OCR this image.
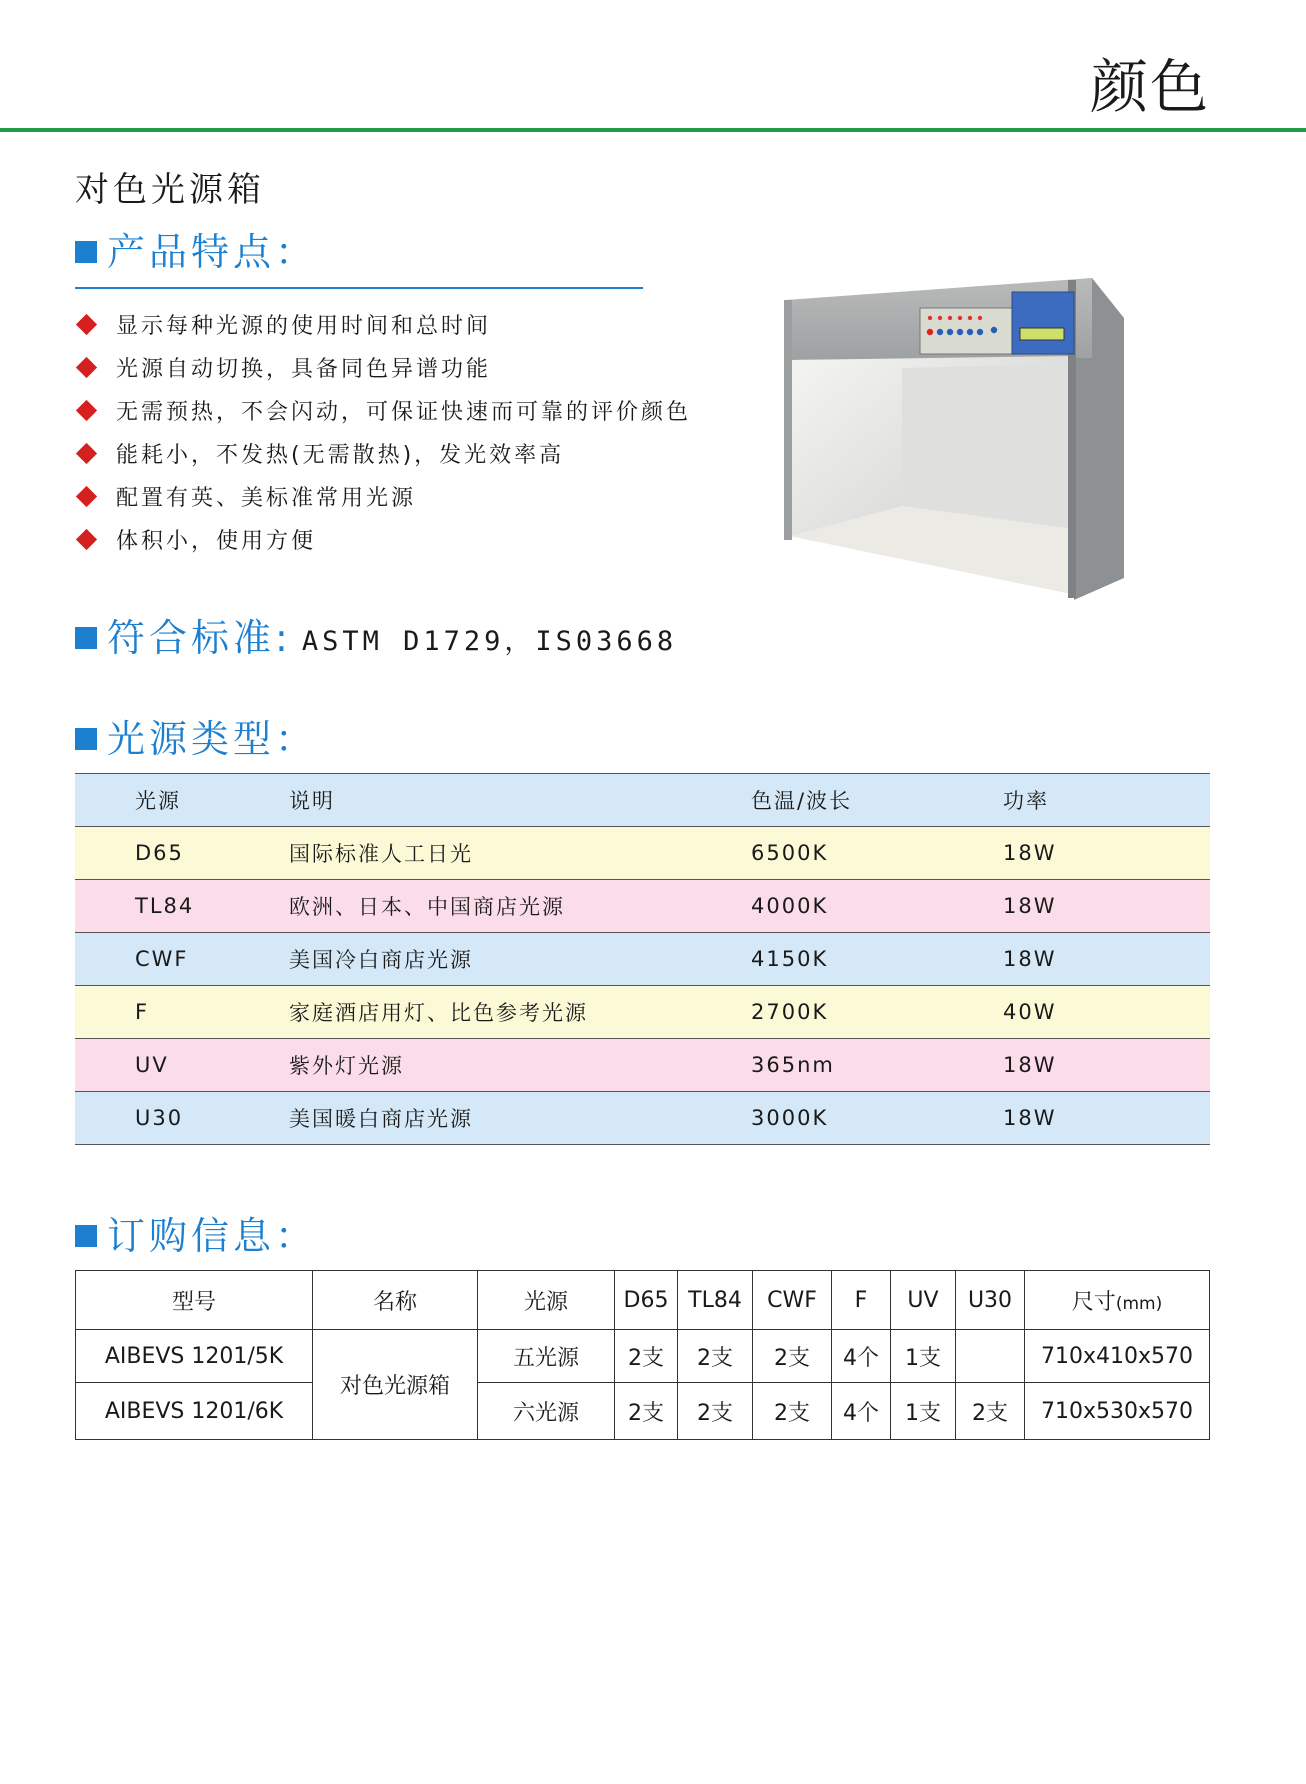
颜色
对色光源箱
产品特点 ：
显示每种光源的使用时间和总时间
光源自动切换，具备同色异谱功能
无需预热，不会闪动，可保证快速而可靠的评价颜色
能耗小，不发热(无需散热)，发光效率高
配置有英、美标准常用光源
体积小，使用方便
符合标准 : ASTM D1729，IS03668
光源类型 ：
光源	说明	色温/波长	功率
D65	国际标准人工日光	6500K	18W
TL84	欧洲、日本、中国商店光源	4000K	18W
CWF	美国冷白商店光源	4150K	18W
F	家庭酒店用灯、比色参考光源	2700K	40W
UV	紫外灯光源	365nm	18W
U30	美国暖白商店光源	3000K	18W
订购信息 ：
型号	名称	光源	D65	TL84	CWF	F	UV	U30	尺寸(mm)
AIBEVS 1201/5K	对色光源箱	五光源	2支	2支	2支	4个	1支		710x410x570
AIBEVS 1201/6K		六光源	2支	2支	2支	4个	1支	2支	710x530x570
